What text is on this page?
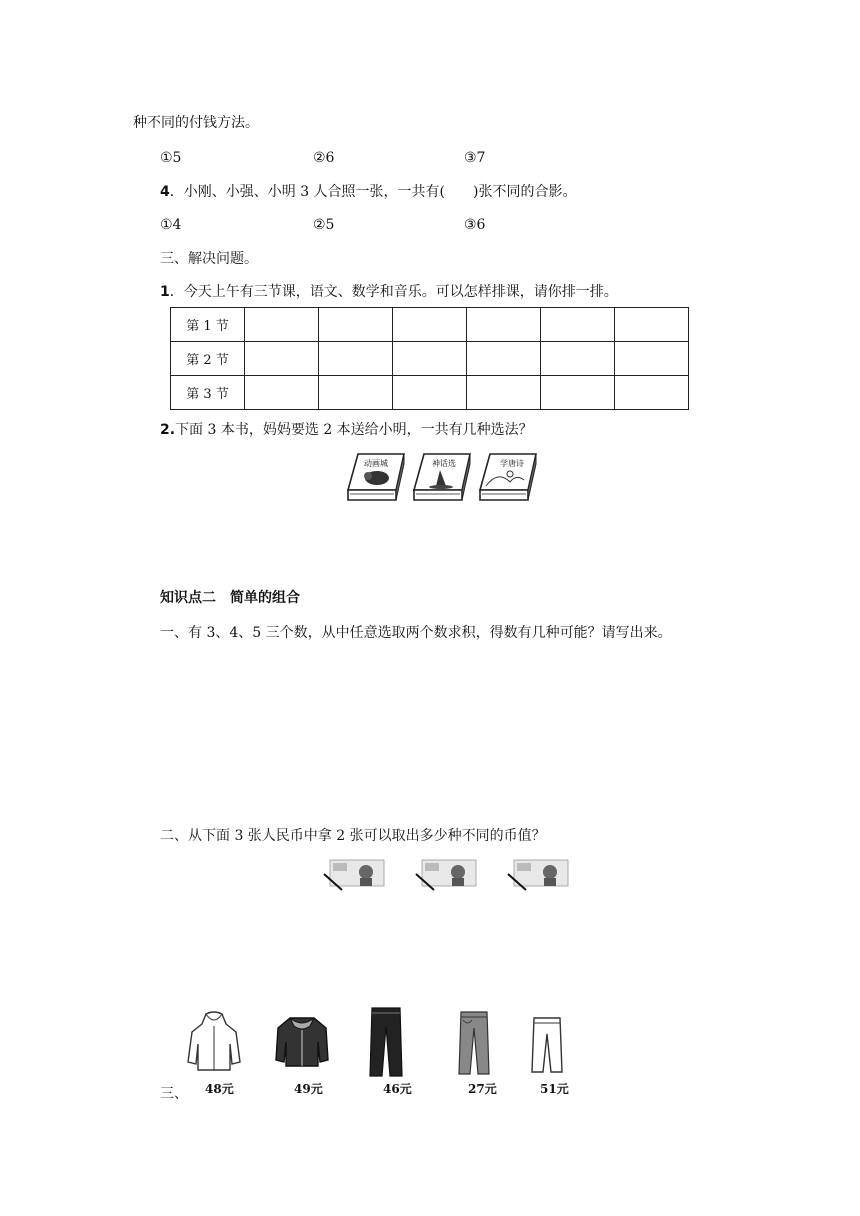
种不同的付钱方法。
①5	②6	③7
4．小刚、小强、小明 3 人合照一张，一共有(　　)张不同的合影。
①4	②5	③6
三、解决问题。
1．今天上午有三节课，语文、数学和音乐。可以怎样排课，请你排一排。
第 1 节						
第 2 节						
第 3 节						
2.下面 3 本书，妈妈要选 2 本送给小明，一共有几种选法？
动画城	神话选	学唐诗
知识点二　简单的组合
一、有 3、4、5 三个数，从中任意选取两个数求积，得数有几种可能？请写出来。
二、从下面 3 张人民币中拿 2 张可以取出多少种不同的币值？
三、 48元	49元	46元	27元	51元
